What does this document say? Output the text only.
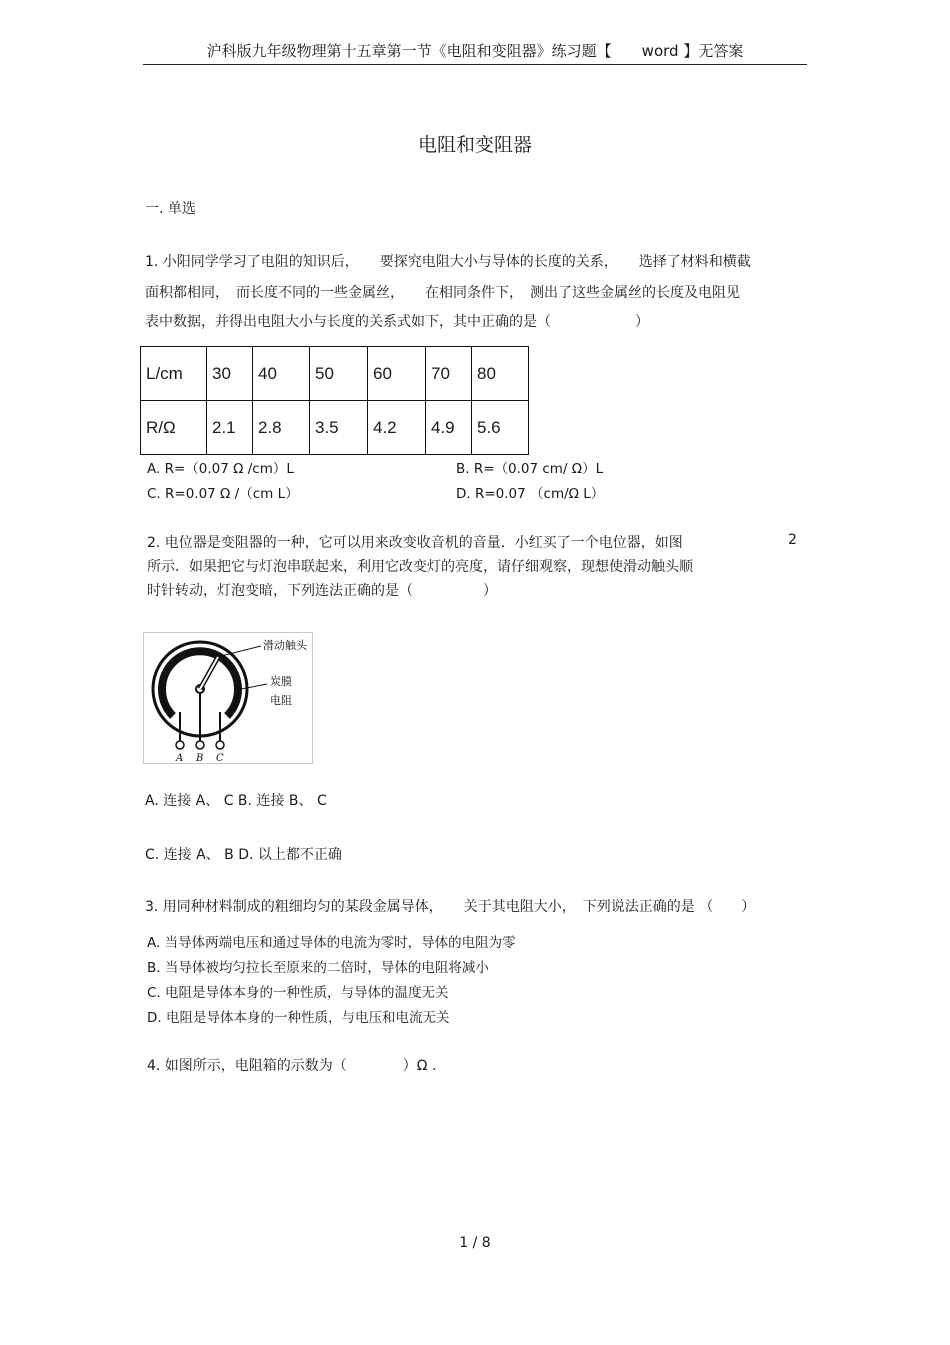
沪科版九年级物理第十五章第一节《电阻和变阻器》练习题【　　word 】无答案
电阻和变阻器
一. 单选
1. 小阳同学学习了电阻的知识后，　　要探究电阻大小与导体的长度的关系，　　选择了材料和横截
面积都相同，　而长度不同的一些金属丝，　　在相同条件下，　测出了这些金属丝的长度及电阻见
表中数据，并得出电阻大小与长度的关系式如下，其中正确的是（　　　　　　）
L/cm	30	40	50	60	70	80
R/Ω	2.1	2.8	3.5	4.2	4.9	5.6
A. R=（0.07 Ω /cm）L	B. R=（0.07 cm/ Ω）L
C. R=0.07 Ω /（cm L）	D. R=0.07 （cm/Ω L）
2. 电位器是变阻器的一种，它可以用来改变收音机的音量．小红买了一个电位器，如图	2
所示．如果把它与灯泡串联起来，利用它改变灯的亮度，请仔细观察，现想使滑动触头顺
时针转动，灯泡变暗，下列连法正确的是（　　　　　）
滑动触头
炭膜
电阻
A B C
A. 连接 A、 C B. 连接 B、 C
C. 连接 A、 B D. 以上都不正确
3. 用同种材料制成的粗细均匀的某段金属导体，　　关于其电阻大小，　下列说法正确的是 （　　）
A. 当导体两端电压和通过导体的电流为零时，导体的电阻为零
B. 当导体被均匀拉长至原来的二倍时，导体的电阻将减小
C. 电阻是导体本身的一种性质，与导体的温度无关
D. 电阻是导体本身的一种性质，与电压和电流无关
4. 如图所示，电阻箱的示数为（　　　　）Ω .
1 / 8
